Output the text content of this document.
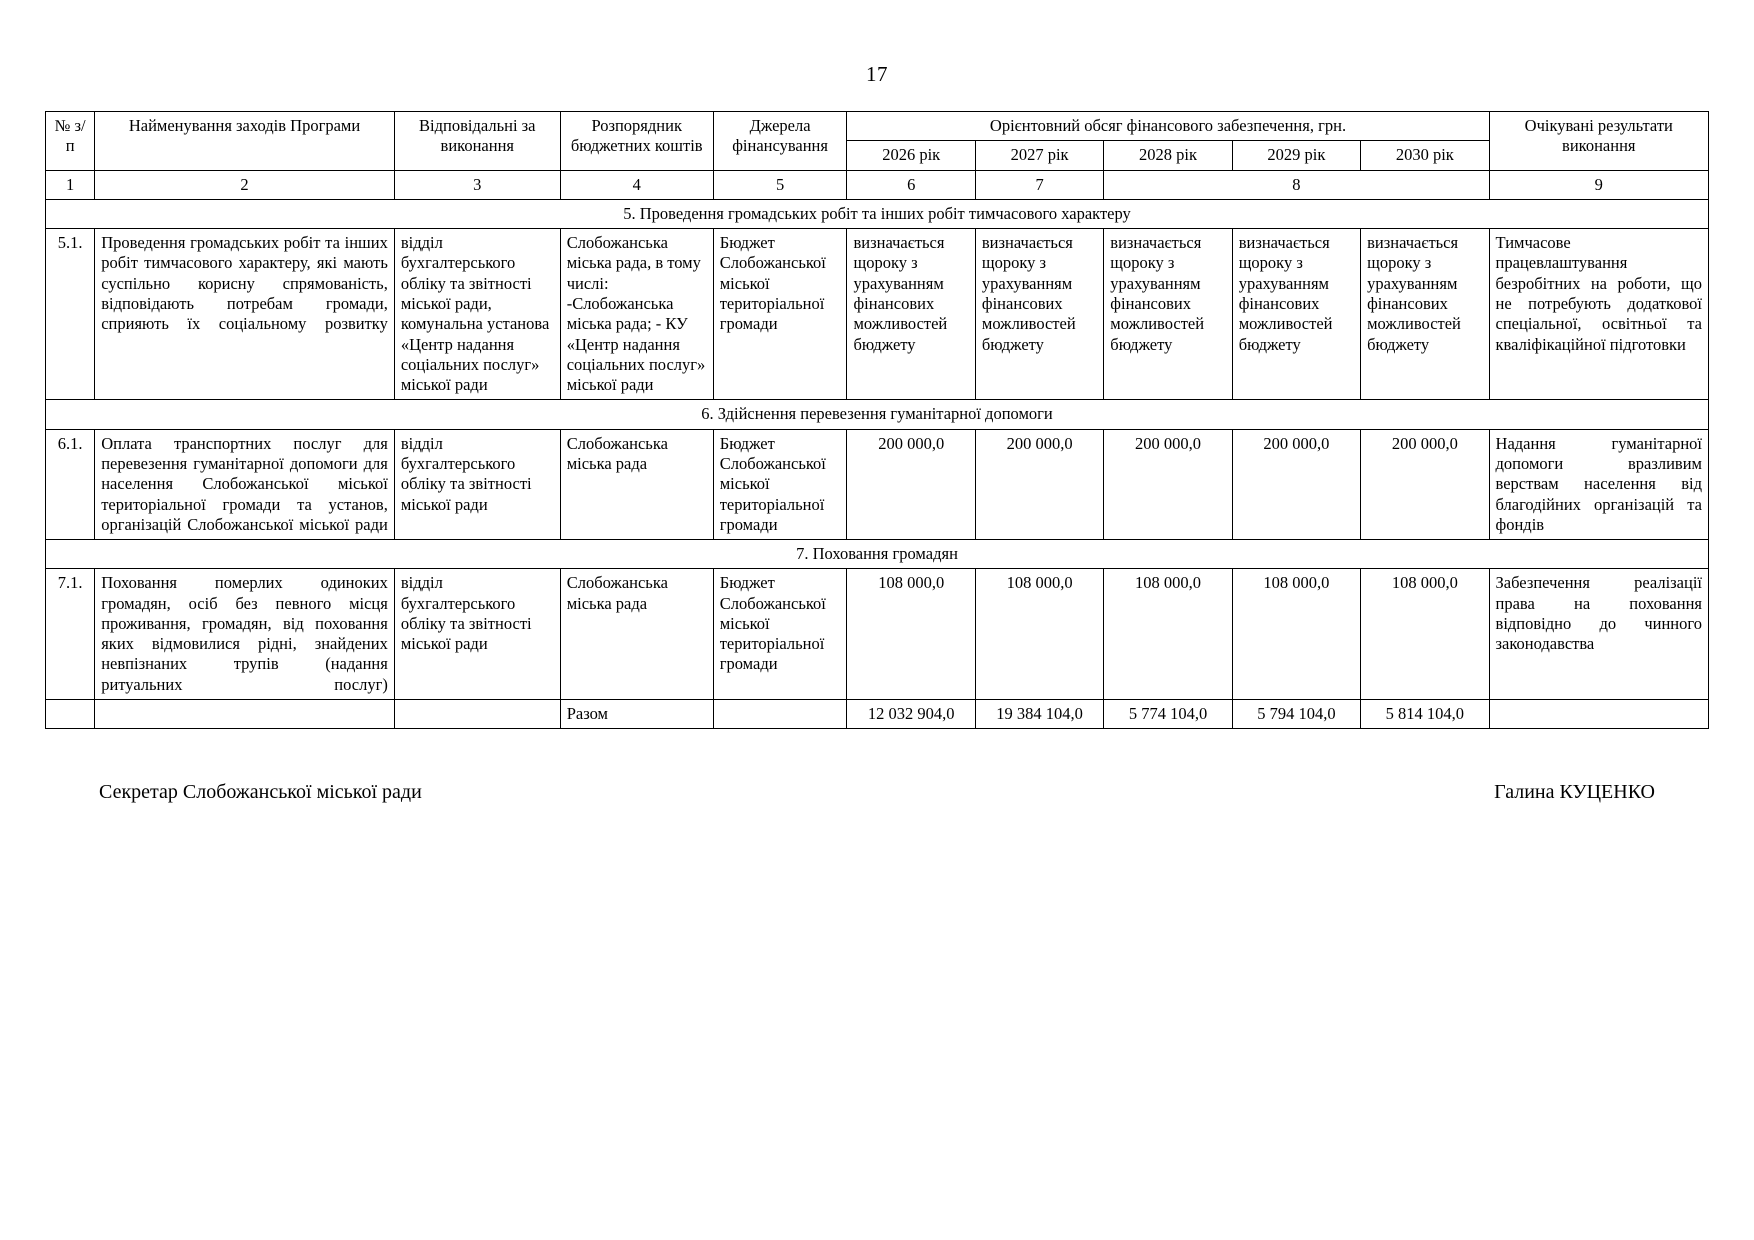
17
№ з/п	Найменування заходів Програми	Відповідальні за виконання	Розпорядник бюджетних коштів	Джерела фінансування	Орієнтовний обсяг фінансового забезпечення, грн.					Очікувані результати виконання
					2026 рік	2027 рік	2028 рік	2029 рік	2030 рік	
1	2	3	4	5	6	7	8			9
5. Проведення громадських робіт та інших робіт тимчасового характеру										
5.1.	Проведення громадських робіт та інших робіт тимчасового характеру, які мають суспільно корисну спрямованість, відповідають потребам громади, сприяють їх соціальному розвитку	відділ бухгалтерського обліку та звітності міської ради, комунальна установа «Центр надання соціальних послуг» міської ради	Слобожанська міська рада, в тому числі: -Слобожанська міська рада; - КУ «Центр надання соціальних послуг» міської ради	Бюджет Слобожанської міської територіальної громади	визначається щороку з урахуванням фінансових можливостей бюджету	визначається щороку з урахуванням фінансових можливостей бюджету	визначається щороку з урахуванням фінансових можливостей бюджету	визначається щороку з урахуванням фінансових можливостей бюджету	визначається щороку з урахуванням фінансових можливостей бюджету	Тимчасове працевлаштування безробітних на роботи, що не потребують додаткової спеціальної, освітньої та кваліфікаційної підготовки
6. Здійснення перевезення гуманітарної допомоги										
6.1.	Оплата транспортних послуг для перевезення гуманітарної допомоги для населення Слобожанської міської територіальної громади та установ, організацій Слобожанської міської ради	відділ бухгалтерського обліку та звітності міської ради	Слобожанська міська рада	Бюджет Слобожанської міської територіальної громади	200 000,0	200 000,0	200 000,0	200 000,0	200 000,0	Надання гуманітарної допомоги вразливим верствам населення від благодійних організацій та фондів
7. Поховання громадян										
7.1.	Поховання померлих одиноких громадян, осіб без певного місця проживання, громадян, від поховання яких відмовилися рідні, знайдених невпізнаних трупів (надання ритуальних послуг)	відділ бухгалтерського обліку та звітності міської ради	Слобожанська міська рада	Бюджет Слобожанської міської територіальної громади	108 000,0	108 000,0	108 000,0	108 000,0	108 000,0	Забезпечення реалізації права на поховання відповідно до чинного законодавства
			Разом		12 032 904,0	19 384 104,0	5 774 104,0	5 794 104,0	5 814 104,0	
Секретар Слобожанської міської ради	Галина КУЦЕНКО
